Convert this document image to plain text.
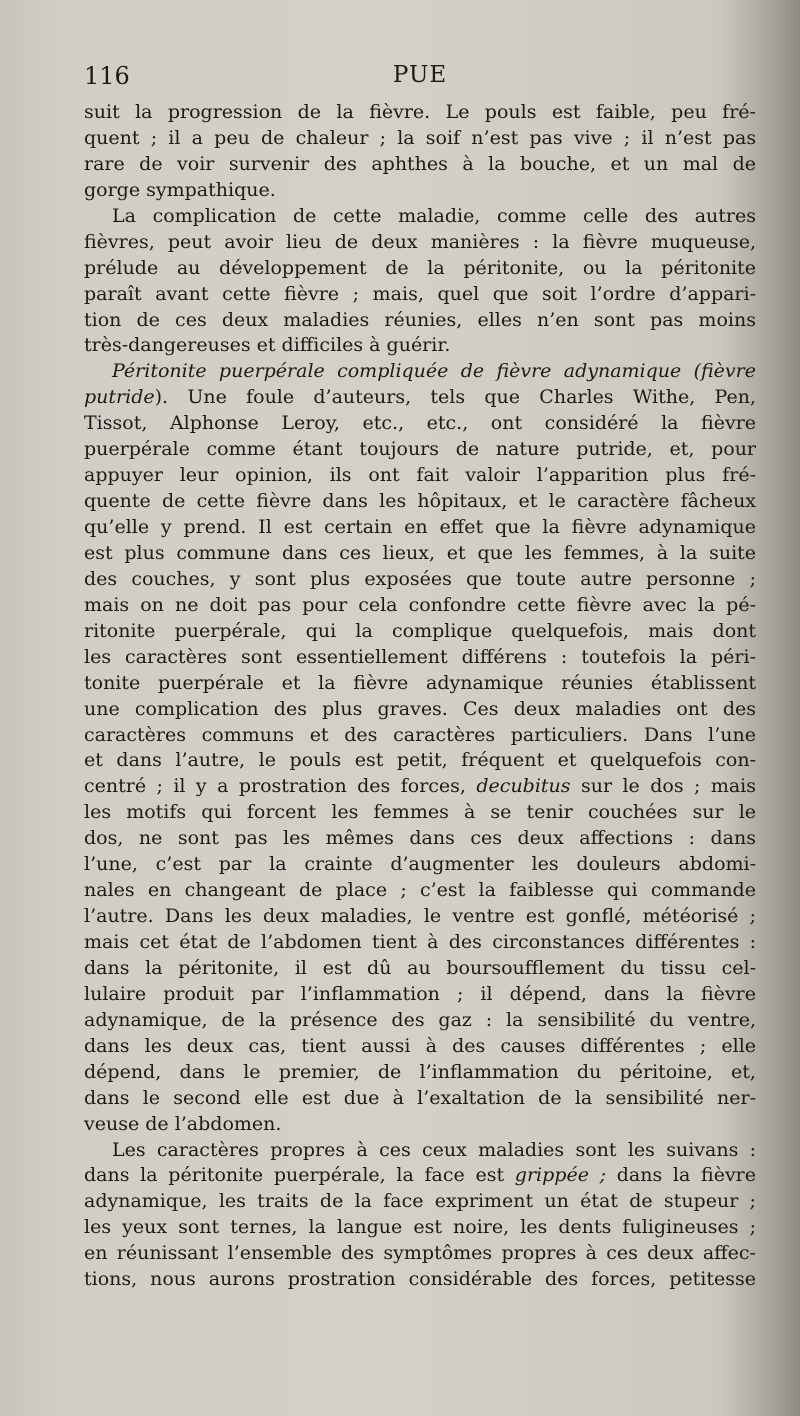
116	PUE
suit la progression de la fièvre. Le pouls est faible, peu fré-
quent ; il a peu de chaleur ; la soif n’est pas vive ; il n’est pas
rare de voir survenir des aphthes à la bouche, et un mal de
gorge sympathique.
La complication de cette maladie, comme celle des autres
fièvres, peut avoir lieu de deux manières : la fièvre muqueuse,
prélude au développement de la péritonite, ou la péritonite
paraît avant cette fièvre ; mais, quel que soit l’ordre d’appari-
tion de ces deux maladies réunies, elles n’en sont pas moins
très-dangereuses et difficiles à guérir.
Péritonite puerpérale compliquée de fièvre adynamique (fièvre
putride). Une foule d’auteurs, tels que Charles Withe, Pen,
Tissot, Alphonse Leroy, etc., etc., ont considéré la fièvre
puerpérale comme étant toujours de nature putride, et, pour
appuyer leur opinion, ils ont fait valoir l’apparition plus fré-
quente de cette fièvre dans les hôpitaux, et le caractère fâcheux
qu’elle y prend. Il est certain en effet que la fièvre adynamique
est plus commune dans ces lieux, et que les femmes, à la suite
des couches, y sont plus exposées que toute autre personne ;
mais on ne doit pas pour cela confondre cette fièvre avec la pé-
ritonite puerpérale, qui la complique quelquefois, mais dont
les caractères sont essentiellement différens : toutefois la péri-
tonite puerpérale et la fièvre adynamique réunies établissent
une complication des plus graves. Ces deux maladies ont des
caractères communs et des caractères particuliers. Dans l’une
et dans l’autre, le pouls est petit, fréquent et quelquefois con-
centré ; il y a prostration des forces, decubitus sur le dos ; mais
les motifs qui forcent les femmes à se tenir couchées sur le
dos, ne sont pas les mêmes dans ces deux affections : dans
l’une, c’est par la crainte d’augmenter les douleurs abdomi-
nales en changeant de place ; c’est la faiblesse qui commande
l’autre. Dans les deux maladies, le ventre est gonflé, météorisé ;
mais cet état de l’abdomen tient à des circonstances différentes :
dans la péritonite, il est dû au boursoufflement du tissu cel-
lulaire produit par l’inflammation ; il dépend, dans la fièvre
adynamique, de la présence des gaz : la sensibilité du ventre,
dans les deux cas, tient aussi à des causes différentes ; elle
dépend, dans le premier, de l’inflammation du péritoine, et,
dans le second elle est due à l’exaltation de la sensibilité ner-
veuse de l’abdomen.
Les caractères propres à ces ceux maladies sont les suivans :
dans la péritonite puerpérale, la face est grippée ; dans la fièvre
adynamique, les traits de la face expriment un état de stupeur ;
les yeux sont ternes, la langue est noire, les dents fuligineuses ;
en réunissant l’ensemble des symptômes propres à ces deux affec-
tions, nous aurons prostration considérable des forces, petitesse
